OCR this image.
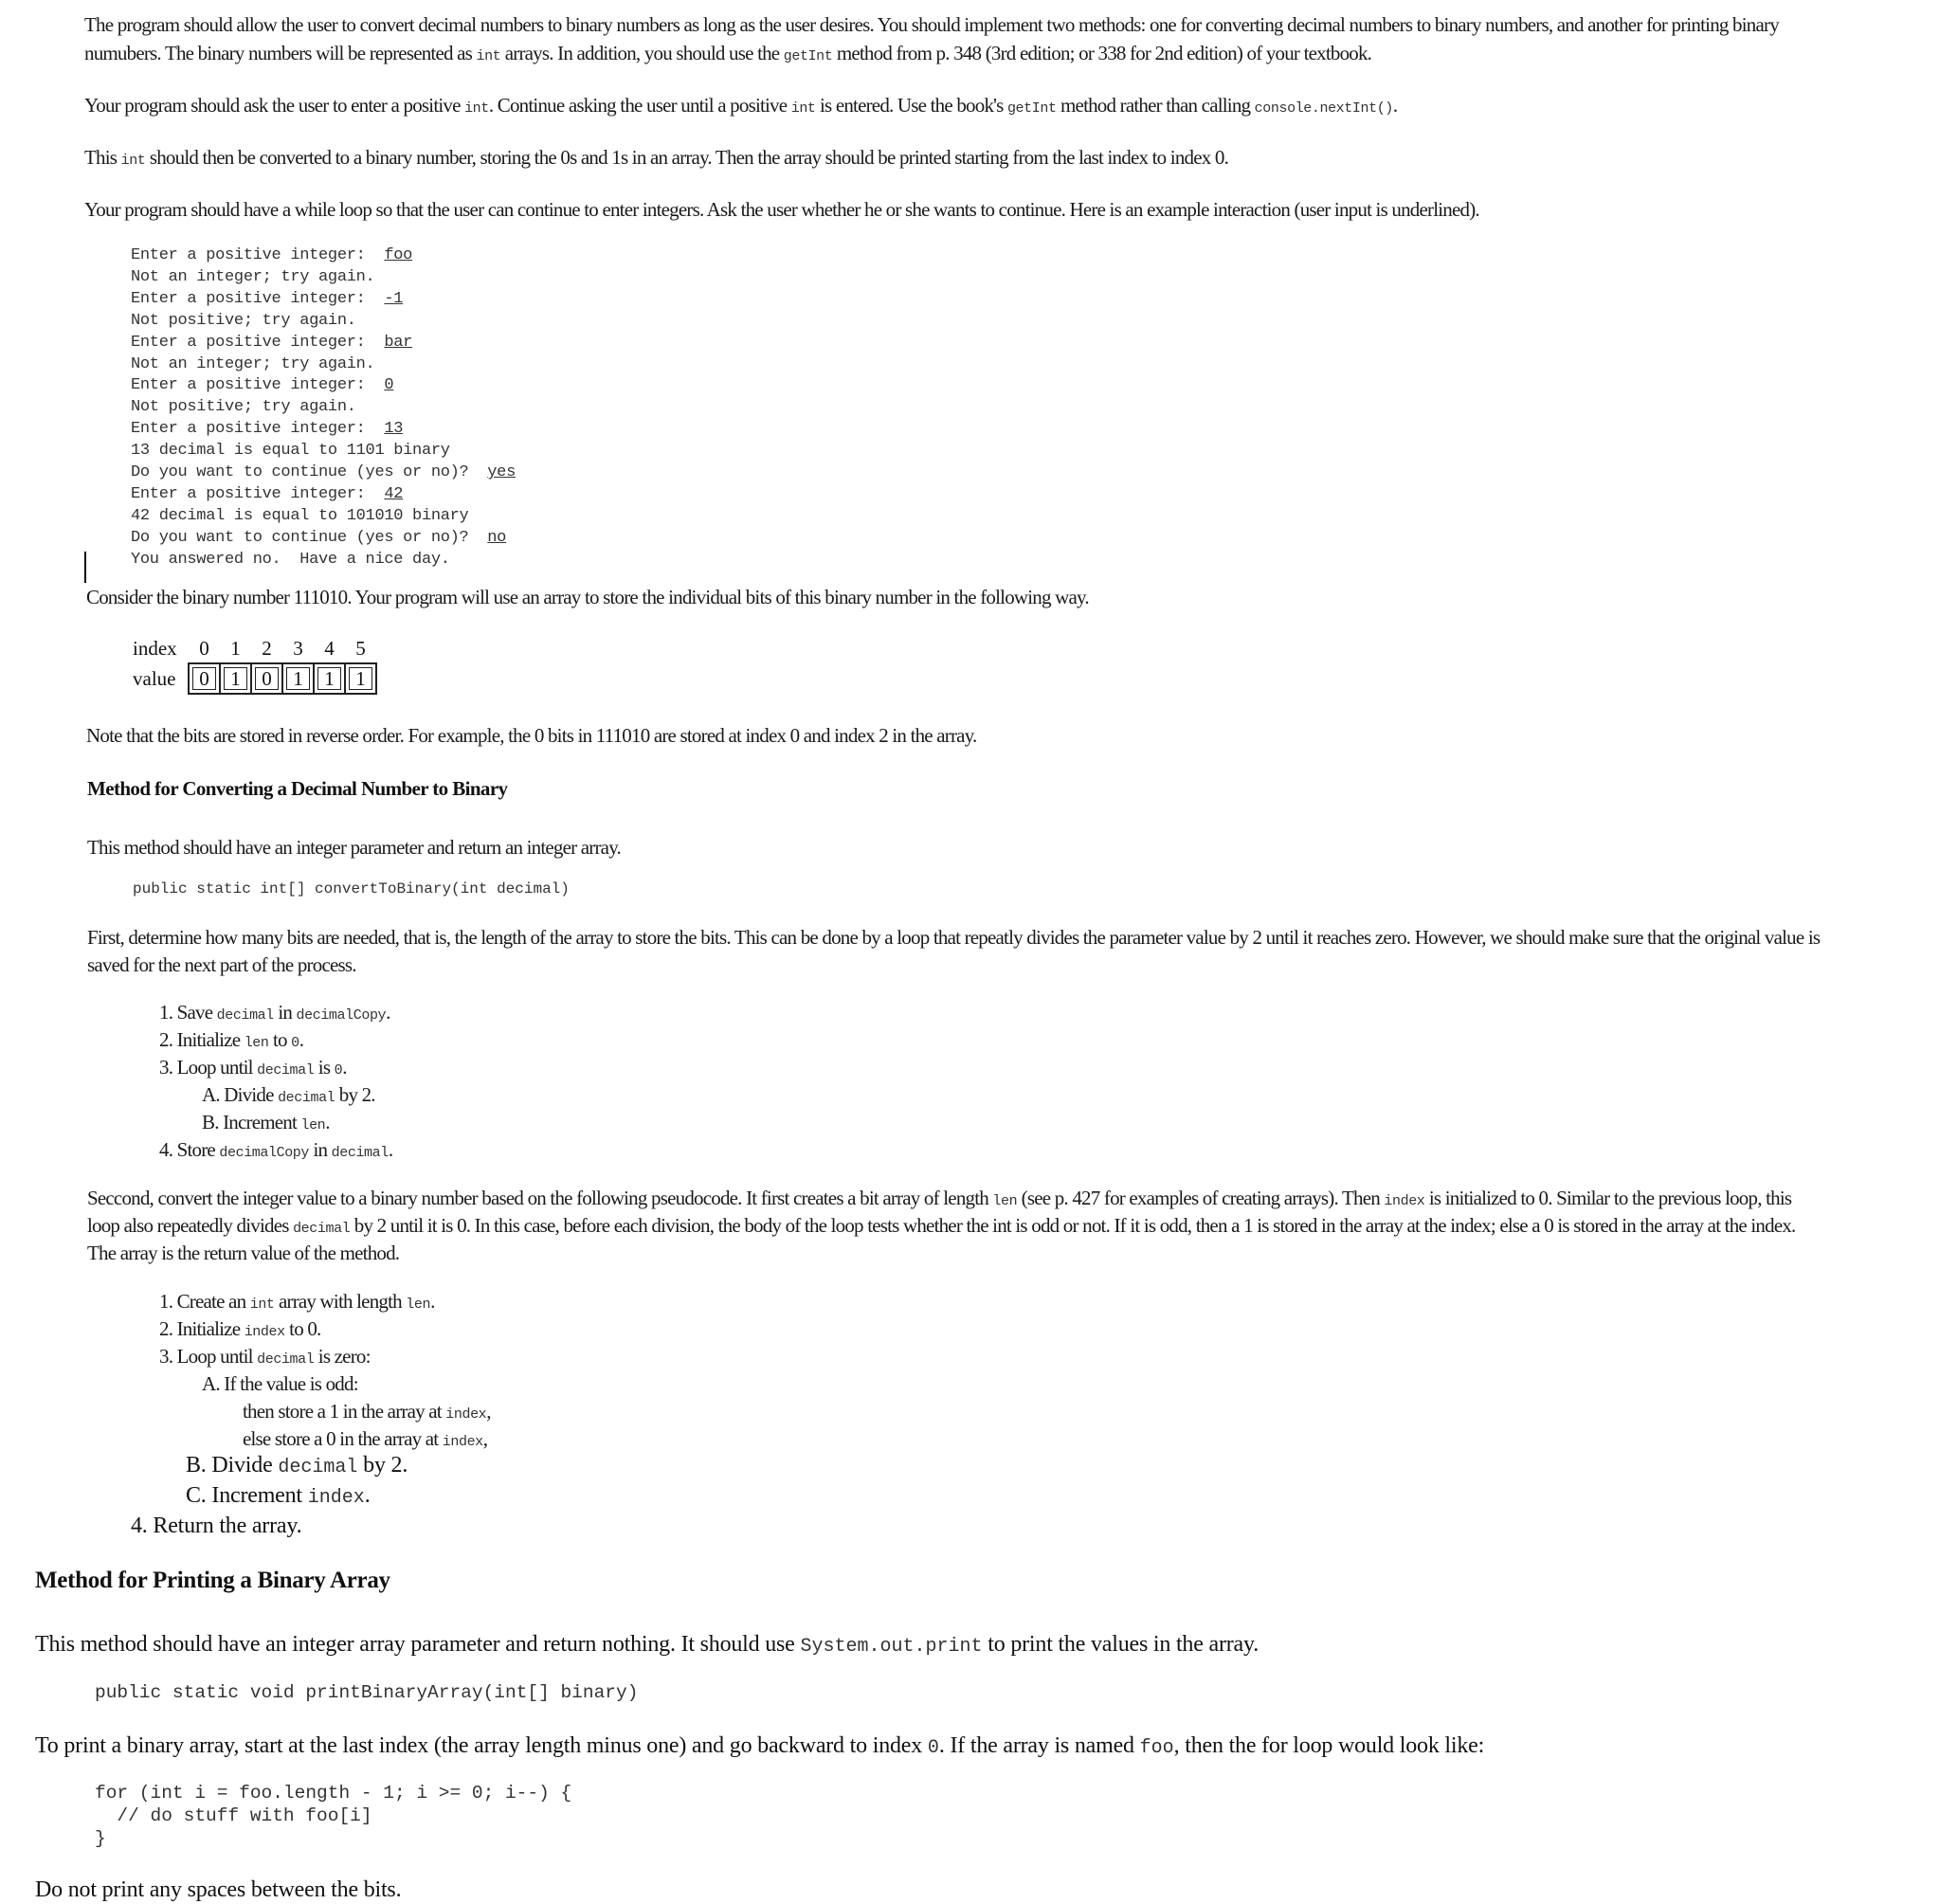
The program should allow the user to convert decimal numbers to binary numbers as long as the user desires. You should implement two methods: one for converting decimal numbers to binary numbers, and another for printing binary
numubers. The binary numbers will be represented as int arrays. In addition, you should use the getInt method from p. 348 (3rd edition; or 338 for 2nd edition) of your textbook.
Your program should ask the user to enter a positive int. Continue asking the user until a positive int is entered. Use the book's getInt method rather than calling console.nextInt().
This int should then be converted to a binary number, storing the 0s and 1s in an array. Then the array should be printed starting from the last index to index 0.
Your program should have a while loop so that the user can continue to enter integers. Ask the user whether he or she wants to continue. Here is an example interaction (user input is underlined).
Enter a positive integer:  foo
Not an integer; try again.
Enter a positive integer:  -1
Not positive; try again.
Enter a positive integer:  bar
Not an integer; try again.
Enter a positive integer:  0
Not positive; try again.
Enter a positive integer:  13
13 decimal is equal to 1101 binary
Do you want to continue (yes or no)?  yes
Enter a positive integer:  42
42 decimal is equal to 101010 binary
Do you want to continue (yes or no)?  no
You answered no.  Have a nice day.
Consider the binary number 111010. Your program will use an array to store the individual bits of this binary number in the following way.
index	0	1	2	3	4	5
value	0	1	0	1	1	1
Note that the bits are stored in reverse order. For example, the 0 bits in 111010 are stored at index 0 and index 2 in the array.
Method for Converting a Decimal Number to Binary
This method should have an integer parameter and return an integer array.
public static int[] convertToBinary(int decimal)
First, determine how many bits are needed, that is, the length of the array to store the bits. This can be done by a loop that repeatly divides the parameter value by 2 until it reaches zero. However, we should make sure that the original value is
saved for the next part of the process.
1. Save decimal in decimalCopy.
2. Initialize len to 0.
3. Loop until decimal is 0.
A. Divide decimal by 2.
B. Increment len.
4. Store decimalCopy in decimal.
Seccond, convert the integer value to a binary number based on the following pseudocode. It first creates a bit array of length len (see p. 427 for examples of creating arrays). Then index is initialized to 0. Similar to the previous loop, this
loop also repeatedly divides decimal by 2 until it is 0. In this case, before each division, the body of the loop tests whether the int is odd or not. If it is odd, then a 1 is stored in the array at the index; else a 0 is stored in the array at the index.
The array is the return value of the method.
1. Create an int array with length len.
2. Initialize index to 0.
3. Loop until decimal is zero:
A. If the value is odd:
then store a 1 in the array at index,
else store a 0 in the array at index,
B. Divide decimal by 2.
C. Increment index.
4. Return the array.
Method for Printing a Binary Array
This method should have an integer array parameter and return nothing. It should use System.out.print to print the values in the array.
public static void printBinaryArray(int[] binary)
To print a binary array, start at the last index (the array length minus one) and go backward to index 0. If the array is named foo, then the for loop would look like:
for (int i = foo.length - 1; i >= 0; i--) {
// do stuff with foo[i]
}
Do not print any spaces between the bits.
